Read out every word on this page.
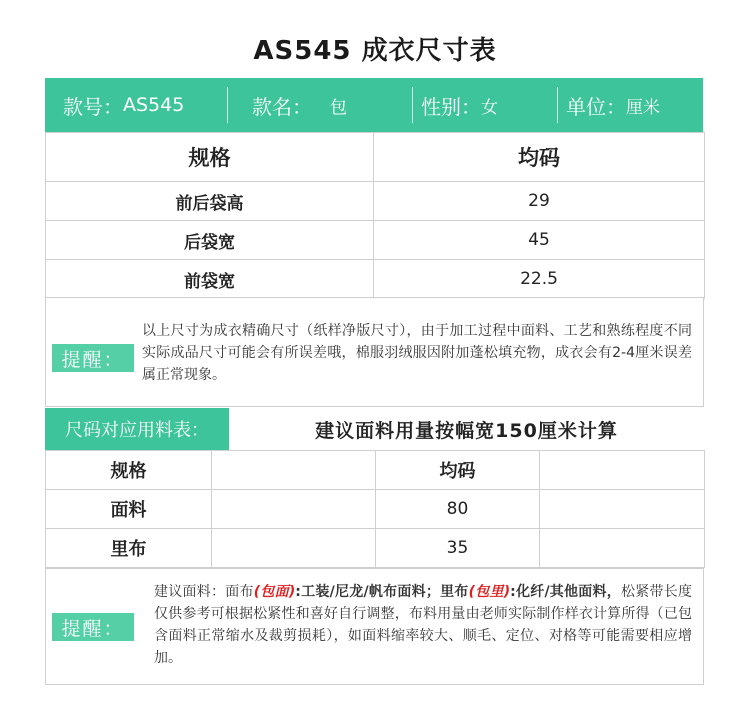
AS545 成衣尺寸表
款号： AS545	款名： 包	性别： 女	单位： 厘米
规格	均码
前后袋高	29
后袋宽	45
前袋宽	22.5
提醒：
以上尺寸为成衣精确尺寸（纸样净版尺寸），由于加工过程中面料、工艺和熟练程度不同实际成品尺寸可能会有所误差哦，棉服羽绒服因附加蓬松填充物，成衣会有2-4厘米误差属正常现象。
尺码对应用料表：	建议面料用量按幅宽150厘米计算
规格		均码	
面料		80	
里布		35	
提醒：
建议面料：面布(包面):工装/尼龙/帆布面料；里布(包里):化纤/其他面料，松紧带长度仅供参考可根据松紧性和喜好自行调整，布料用量由老师实际制作样衣计算所得（已包含面料正常缩水及裁剪损耗），如面料缩率较大、顺毛、定位、对格等可能需要相应增加。
